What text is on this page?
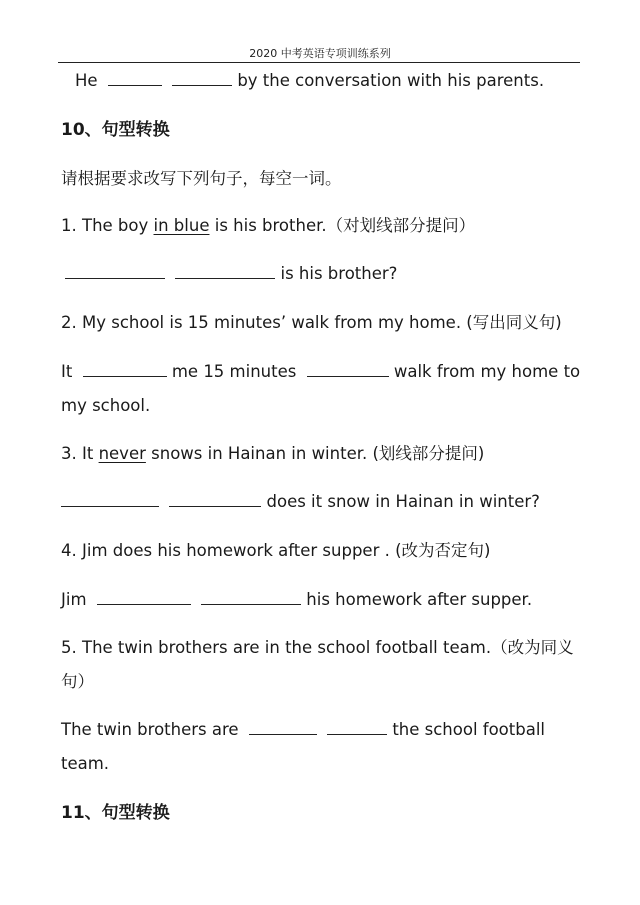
2020 中考英语专项训练系列
He	by the conversation with his parents.
10、句型转换
请根据要求改写下列句子，每空一词。
1. The boy in blue is his brother.（对划线部分提问）
is his brother?
2. My school is 15 minutes’ walk from my home. (写出同义句)
It	me 15 minutes	walk from my home to
my school.
3. It never snows in Hainan in winter. (划线部分提问)
does it snow in Hainan in winter?
4. Jim does his homework after supper . (改为否定句)
Jim	his homework after supper.
5. The twin brothers are in the school football team.（改为同义
句）
The twin brothers are	the school football
team.
11、句型转换
